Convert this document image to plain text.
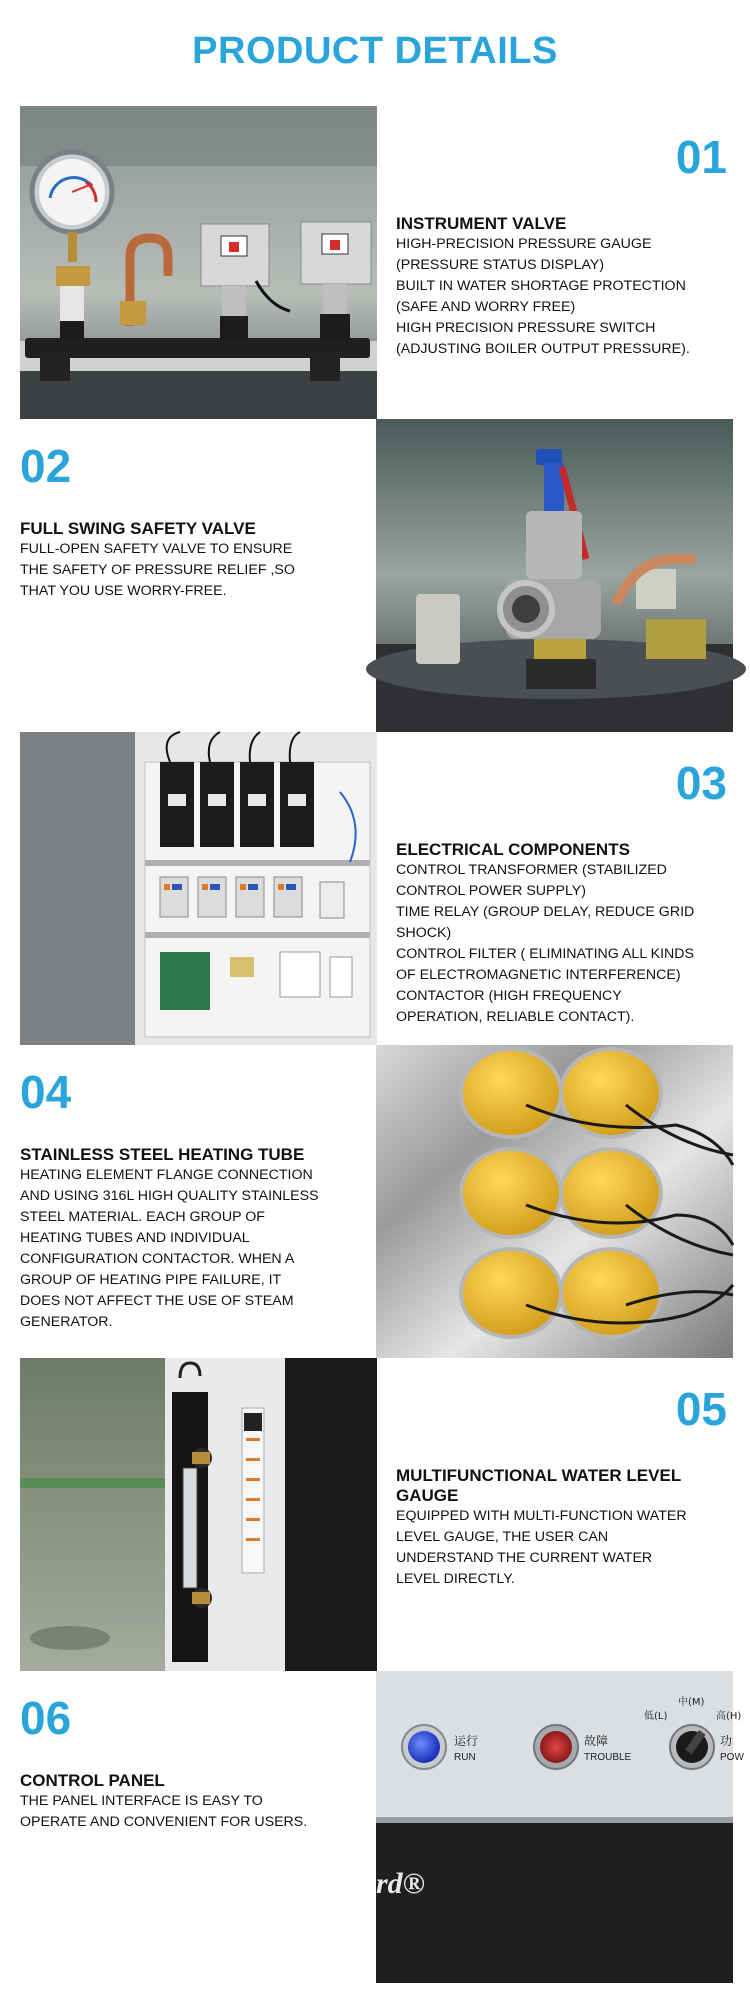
PRODUCT DETAILS
01
INSTRUMENT VALVE
HIGH-PRECISION PRESSURE GAUGE
(PRESSURE STATUS DISPLAY)
BUILT IN WATER SHORTAGE PROTECTION
(SAFE AND WORRY FREE)
HIGH PRECISION PRESSURE SWITCH
(ADJUSTING BOILER OUTPUT PRESSURE).
02
FULL SWING SAFETY VALVE
FULL-OPEN SAFETY VALVE TO ENSURE
THE SAFETY OF PRESSURE RELIEF ,SO
THAT YOU USE WORRY-FREE.
03
ELECTRICAL COMPONENTS
CONTROL TRANSFORMER (STABILIZED
CONTROL POWER SUPPLY)
TIME RELAY (GROUP DELAY, REDUCE GRID
SHOCK)
CONTROL FILTER ( ELIMINATING ALL KINDS
OF ELECTROMAGNETIC INTERFERENCE)
CONTACTOR (HIGH FREQUENCY
OPERATION, RELIABLE CONTACT).
04
STAINLESS STEEL HEATING TUBE
HEATING ELEMENT FLANGE CONNECTION
AND USING 316L HIGH QUALITY STAINLESS
STEEL MATERIAL. EACH GROUP OF
HEATING TUBES AND INDIVIDUAL
CONFIGURATION CONTACTOR. WHEN A
GROUP OF HEATING PIPE FAILURE, IT
DOES NOT AFFECT THE USE OF STEAM
GENERATOR.
05
MULTIFUNCTIONAL WATER LEVEL
GAUGE
EQUIPPED WITH MULTI-FUNCTION WATER
LEVEL GAUGE, THE USER CAN
UNDERSTAND THE CURRENT WATER
LEVEL DIRECTLY.
06
CONTROL PANEL
THE PANEL INTERFACE IS EASY TO
OPERATE AND CONVENIENT FOR USERS.
运行
RUN
故障
TROUBLE
低(L)
中(M)
高(H)
功
POW
rd®
